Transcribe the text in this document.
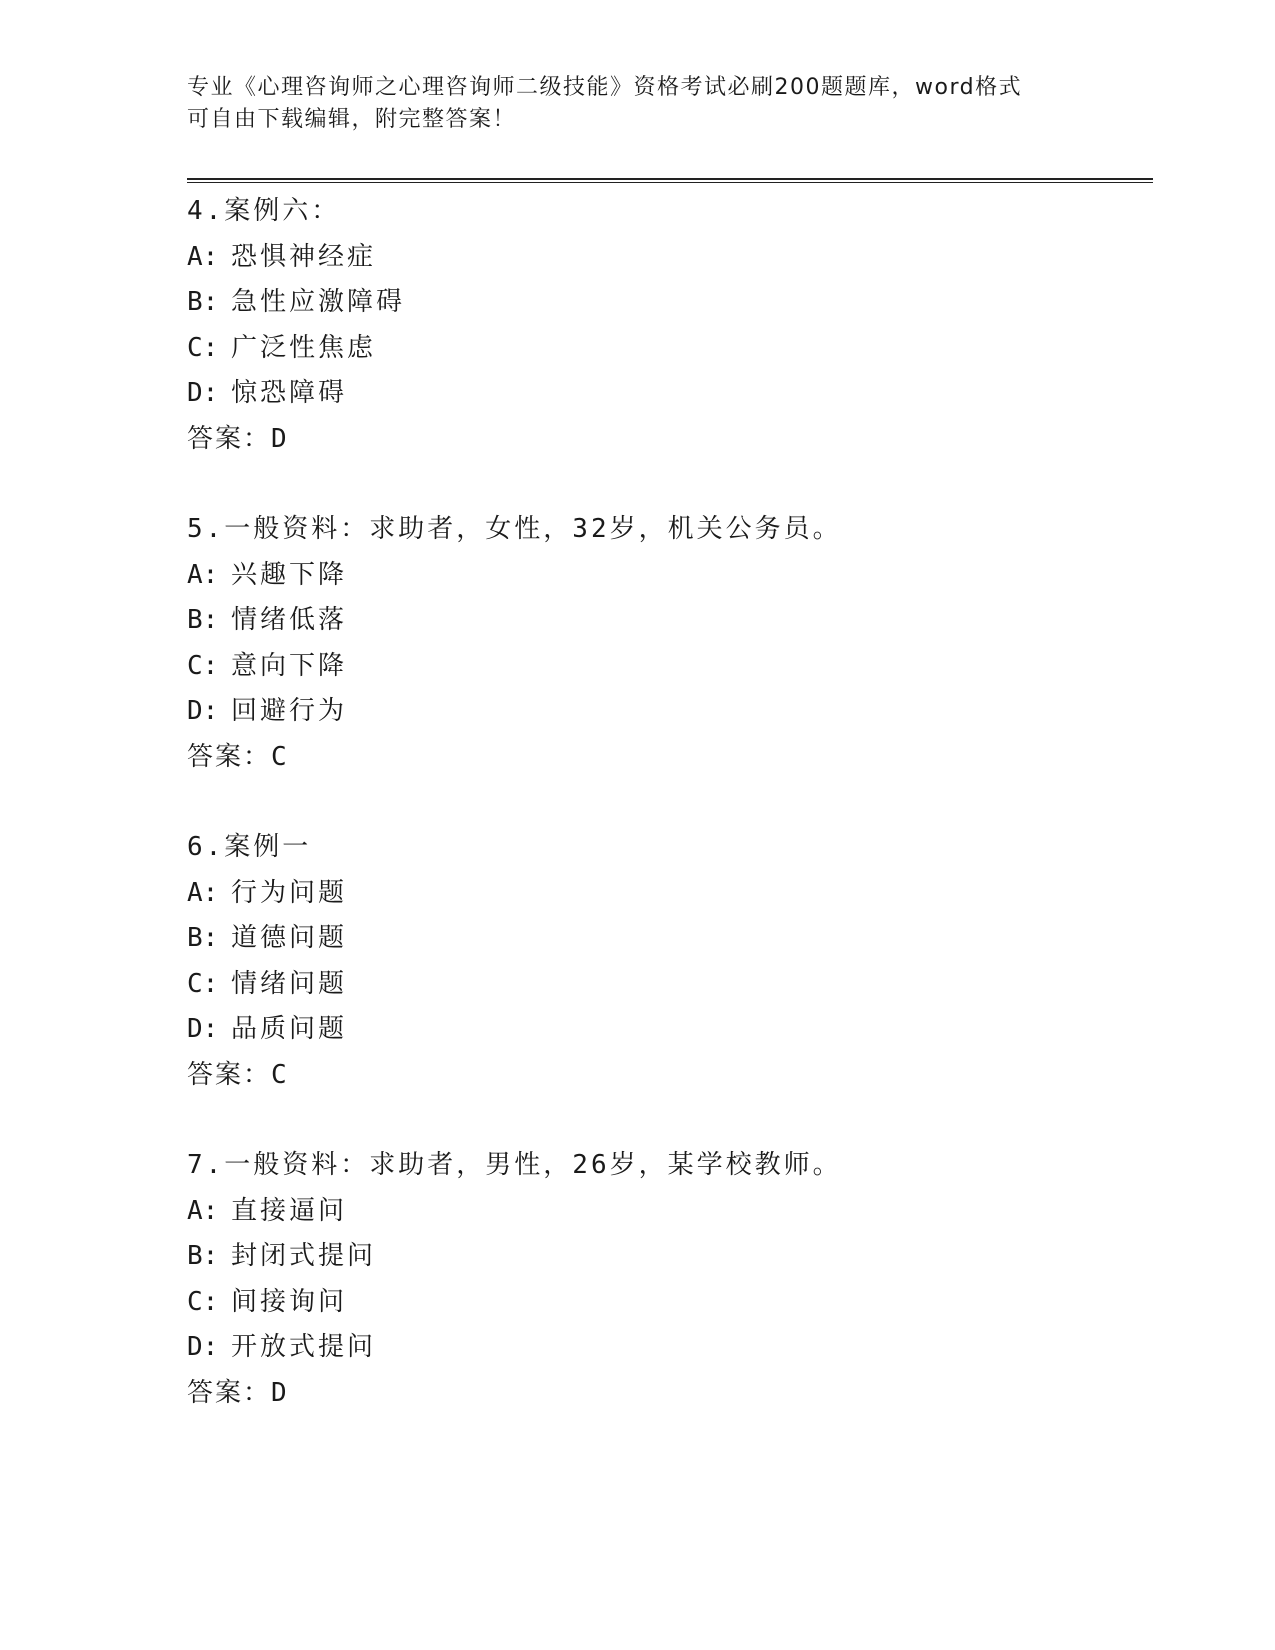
专业《心理咨询师之心理咨询师二级技能》资格考试必刷200题题库，word格式
可自由下载编辑，附完整答案！
4.案例六：
A: 恐惧神经症
B: 急性应激障碍
C: 广泛性焦虑
D: 惊恐障碍
答案：D
5.一般资料：求助者，女性，32岁，机关公务员。
A: 兴趣下降
B: 情绪低落
C: 意向下降
D: 回避行为
答案：C
6.案例一
A: 行为问题
B: 道德问题
C: 情绪问题
D: 品质问题
答案：C
7.一般资料：求助者，男性，26岁，某学校教师。
A: 直接逼问
B: 封闭式提问
C: 间接询问
D: 开放式提问
答案：D
